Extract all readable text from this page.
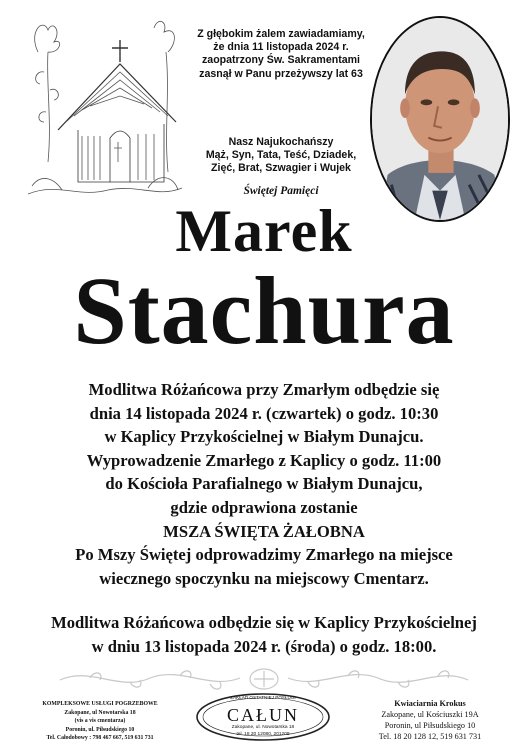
Z głębokim żalem zawiadamiamy,
że dnia 11 listopada 2024 r.
zaopatrzony Św. Sakramentami
zasnął w Panu przeżywszy lat 63
Nasz Najukochańszy
Mąż, Syn, Tata, Teść, Dziadek,
Zięć, Brat, Szwagier i Wujek
Świętej Pamięci
Marek
Stachura
Modlitwa Różańcowa przy Zmarłym odbędzie się
dnia 14 listopada 2024 r. (czwartek) o godz. 10:30
w Kaplicy Przykościelnej w Białym Dunajcu.
Wyprowadzenie Zmarłego z Kaplicy o godz. 11:00
do Kościoła Parafialnego w Białym Dunajcu,
gdzie odprawiona zostanie
MSZA ŚWIĘTA ŻAŁOBNA
Po Mszy Świętej odprowadzimy Zmarłego na miejsce
wiecznego spoczynku na miejscowy Cmentarz.
Modlitwa Różańcowa odbędzie się w Kaplicy Przykościelnej
w dniu 13 listopada 2024 r. (środa) o godz. 18:00.
KOMPLEKSOWE USŁUGI POGRZEBOWE
Zakopane, ul Nowotarska 18
(vis a vis cmentarza)
Poronin, ul. Piłsudskiego 10
Tel. Całodobowy : 798 467 667, 519 631 731
ZAKŁAD OSTATNIEJ POSŁUGI
CAŁUN
Zakopane, ul. Nowotarska 18
tel. 18 20 12080, 201209
Kwiaciarnia Krokus
Zakopane, ul Kościuszki 19A
Poronin, ul Piłsudskiego 10
Tel. 18 20 128 12, 519 631 731
